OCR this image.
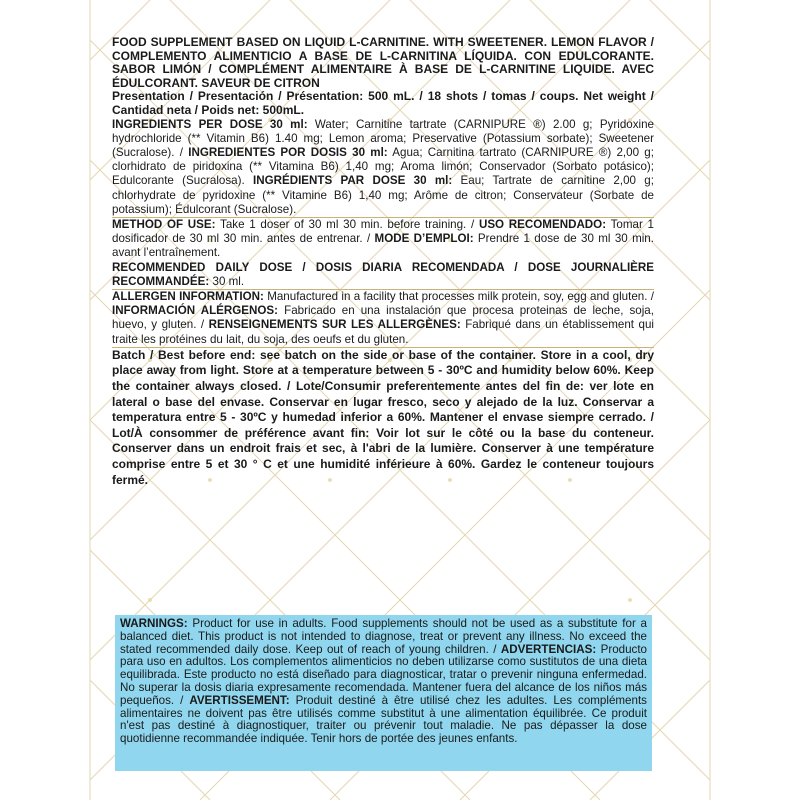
FOOD SUPPLEMENT BASED ON LIQUID L-CARNITINE. WITH SWEETENER. LEMON FLAVOR / COMPLEMENTO ALIMENTICIO A BASE DE L-CARNITINA LÍQUIDA. CON EDULCORANTE. SABOR LIMÓN / COMPLÉMENT ALIMENTAIRE À BASE DE L-CARNITINE LIQUIDE. AVEC ÉDULCORANT. SAVEUR DE CITRON

Presentation / Presentación / Présentation: 500 mL. / 18 shots / tomas / coups. Net weight / Cantidad neta / Poids net: 500mL.

INGREDIENTS PER DOSE 30 ml: Water; Carnitine tartrate (CARNIPURE ®) 2.00 g; Pyridoxine hydrochloride (** Vitamin B6) 1.40 mg; Lemon aroma; Preservative (Potassium sorbate); Sweetener (Sucralose). / INGREDIENTES POR DOSIS 30 ml: Agua; Carnitina tartrato (CARNIPURE ®) 2,00 g; clorhidrato de piridoxina (** Vitamina B6) 1,40 mg; Aroma limón; Conservador (Sorbato potásico); Edulcorante (Sucralosa). INGRÉDIENTS PAR DOSE 30 ml: Eau; Tartrate de carnitine 2,00 g; chlorhydrate de pyridoxine (** Vitamine B6) 1,40 mg; Arôme de citron; Conservateur (Sorbate de potassium); Édulcorant (Sucralose).

METHOD OF USE: Take 1 doser of 30 ml 30 min. before training. / USO RECOMENDADO: Tomar 1 dosificador de 30 ml 30 min. antes de entrenar. / MODE D’EMPLOI: Prendre 1 dose de 30 ml 30 min. avant l’entraînement.

RECOMMENDED DAILY DOSE / DOSIS DIARIA RECOMENDADA / DOSE JOURNALIÈRE RECOMMANDÉE: 30 ml.

ALLERGEN INFORMATION: Manufactured in a facility that processes milk protein, soy, egg and gluten. / INFORMACIÓN ALÉRGENOS: Fabricado en una instalación que procesa proteinas de leche, soja, huevo, y gluten. / RENSEIGNEMENTS SUR LES ALLERGÈNES: Fabriqué dans un établissement qui traite les protéines du lait, du soja, des oeufs et du gluten.

Batch / Best before end: see batch on the side or base of the container. Store in a cool, dry place away from light. Store at a temperature between 5 - 30ºC and humidity below 60%. Keep the container always closed. / Lote/Consumir preferentemente antes del fin de: ver lote en lateral o base del envase. Conservar en lugar fresco, seco y alejado de la luz. Conservar a temperatura entre 5 - 30ºC y humedad inferior a 60%. Mantener el envase siempre cerrado. / Lot/À consommer de préférence avant fin: Voir lot sur le côté ou la base du conteneur. Conserver dans un endroit frais et sec, à l'abri de la lumière. Conserver à une température comprise entre 5 et 30 ° C et une humidité inférieure à 60%. Gardez le conteneur toujours fermé.

WARNINGS: Product for use in adults. Food supplements should not be used as a substitute for a balanced diet. This product is not intended to diagnose, treat or prevent any illness. No exceed the stated recommended daily dose. Keep out of reach of young children. / ADVERTENCIAS: Producto para uso en adultos. Los complementos alimenticios no deben utilizarse como sustitutos de una dieta equilibrada. Este producto no está diseñado para diagnosticar, tratar o prevenir ninguna enfermedad. No superar la dosis diaria expresamente recomendada. Mantener fuera del alcance de los niños más pequeños. / AVERTISSEMENT: Produit destiné à être utilisé chez les adultes. Les compléments alimentaires ne doivent pas être utilisés comme substitut à une alimentation équilibrée. Ce produit n'est pas destiné à diagnostiquer, traiter ou prévenir tout maladie. Ne pas dépasser la dose quotidienne recommandée indiquée. Tenir hors de portée des jeunes enfants.
